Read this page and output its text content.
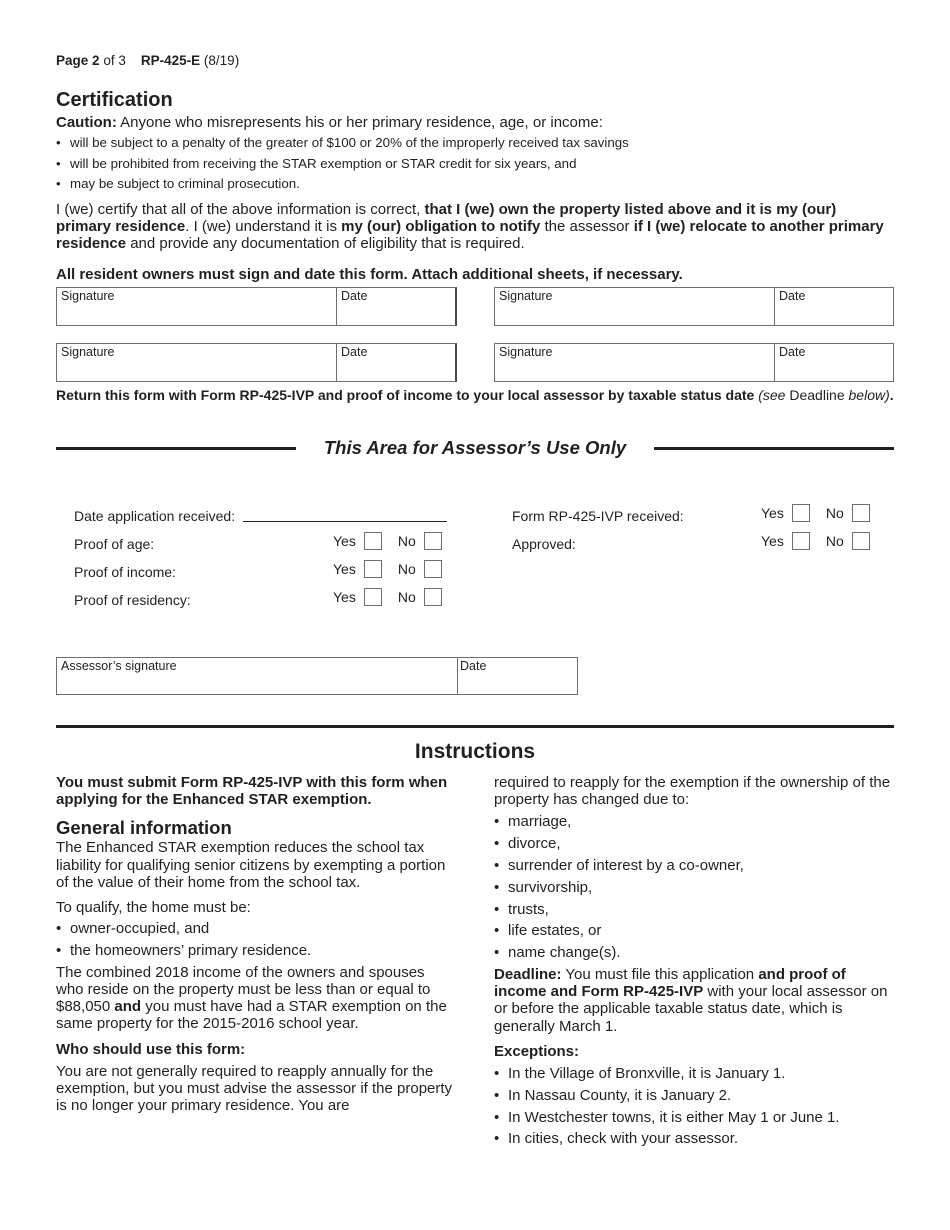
Page 2 of 3 RP-425-E (8/19)
Certification
Caution: Anyone who misrepresents his or her primary residence, age, or income:
• will be subject to a penalty of the greater of $100 or 20% of the improperly received tax savings
• will be prohibited from receiving the STAR exemption or STAR credit for six years, and
• may be subject to criminal prosecution.
I (we) certify that all of the above information is correct, that I (we) own the property listed above and it is my (our) primary residence. I (we) understand it is my (our) obligation to notify the assessor if I (we) relocate to another primary residence and provide any documentation of eligibility that is required.
All resident owners must sign and date this form. Attach additional sheets, if necessary.
Signature	Date	Signature	Date
Signature	Date	Signature	Date
Return this form with Form RP-425-IVP and proof of income to your local assessor by taxable status date (see Deadline below).
This Area for Assessor’s Use Only
Date application received:
Proof of age:	Yes	No
Proof of income:	Yes	No
Proof of residency:	Yes	No
Form RP-425-IVP received:	Yes	No
Approved:	Yes	No
Assessor’s signature	Date
Instructions

You must submit Form RP-425-IVP with this form when applying for the Enhanced STAR exemption.

General information

The Enhanced STAR exemption reduces the school tax liability for qualifying senior citizens by exempting a portion of the value of their home from the school tax.

To qualify, the home must be:

• owner-occupied, and
• the homeowners’ primary residence.

The combined 2018 income of the owners and spouses who reside on the property must be less than or equal to $88,050 and you must have had a STAR exemption on the same property for the 2015-2016 school year.

Who should use this form:

You are not generally required to reapply annually for the exemption, but you must advise the assessor if the property is no longer your primary residence. You are

required to reapply for the exemption if the ownership of the property has changed due to:

• marriage,
• divorce,
• surrender of interest by a co-owner,
• survivorship,
• trusts,
• life estates, or
• name change(s).

Deadline: You must file this application and proof of income and Form RP-425-IVP with your local assessor on or before the applicable taxable status date, which is generally March 1.

Exceptions:
• In the Village of Bronxville, it is January 1.
• In Nassau County, it is January 2.
• In Westchester towns, it is either May 1 or June 1.
• In cities, check with your assessor.
